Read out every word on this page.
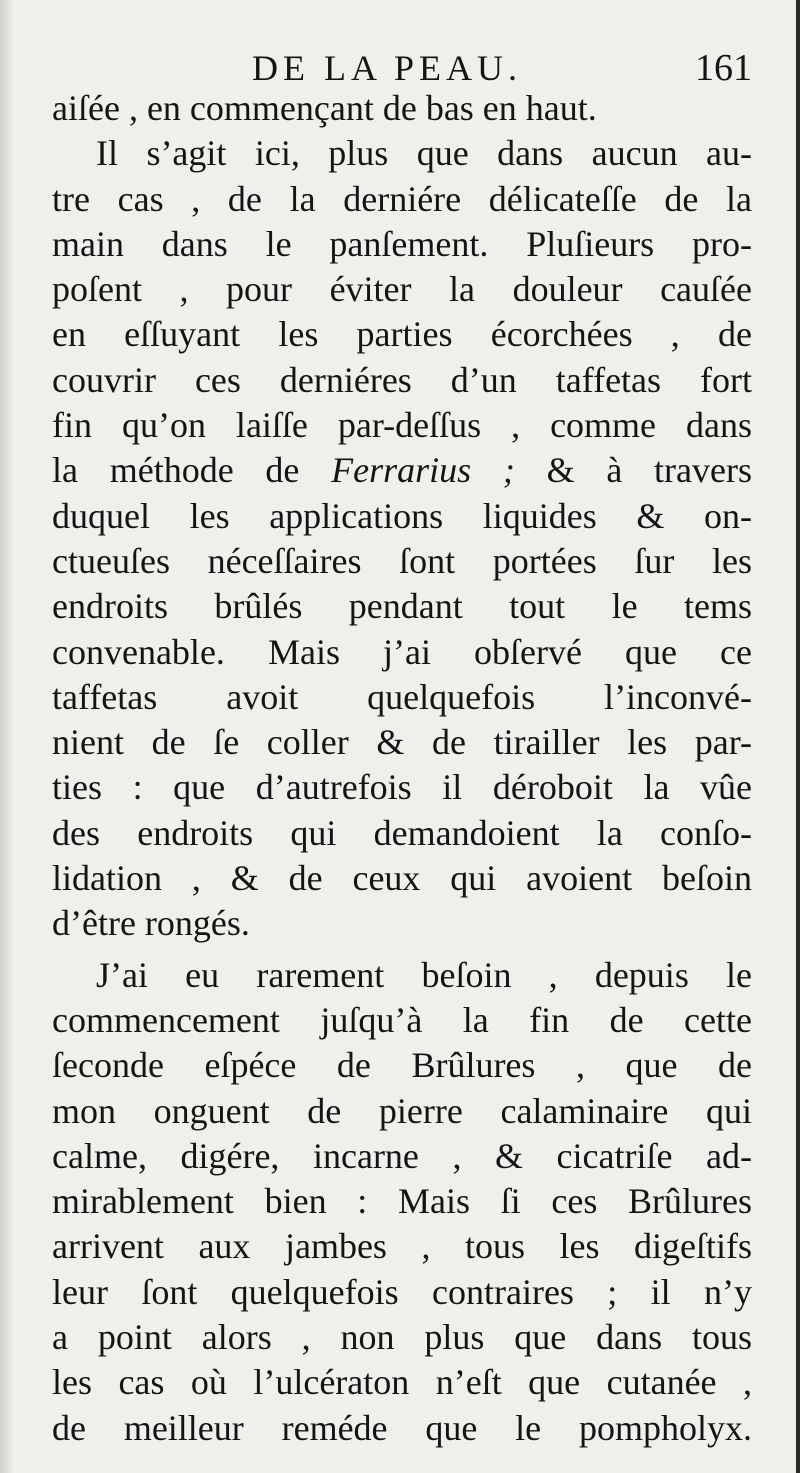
DE LA PEAU.	161
aiſée , en commençant de bas en haut.
Il s’agit ici, plus que dans aucun au-
tre cas , de la derniére délicateſſe de la
main dans le panſement. Pluſieurs pro-
poſent , pour éviter la douleur cauſée
en eſſuyant les parties écorchées , de
couvrir ces derniéres d’un taffetas fort
fin qu’on laiſſe par-deſſus , comme dans
la méthode de Ferrarius ; & à travers
duquel les applications liquides & on-
ctueuſes néceſſaires ſont portées ſur les
endroits brûlés pendant tout le tems
convenable. Mais j’ai obſervé que ce
taffetas avoit quelquefois l’inconvé-
nient de ſe coller & de tirailler les par-
ties : que d’autrefois il déroboit la vûe
des endroits qui demandoient la conſo-
lidation , & de ceux qui avoient beſoin
d’être rongés.
J’ai eu rarement beſoin , depuis le
commencement juſqu’à la fin de cette
ſeconde eſpéce de Brûlures , que de
mon onguent de pierre calaminaire qui
calme, digére, incarne , & cicatriſe ad-
mirablement bien : Mais ſi ces Brûlures
arrivent aux jambes , tous les digeſtifs
leur ſont quelquefois contraires ; il n’y
a point alors , non plus que dans tous
les cas où l’ulcératon n’eſt que cutanée ,
de meilleur reméde que le pompholyx.
